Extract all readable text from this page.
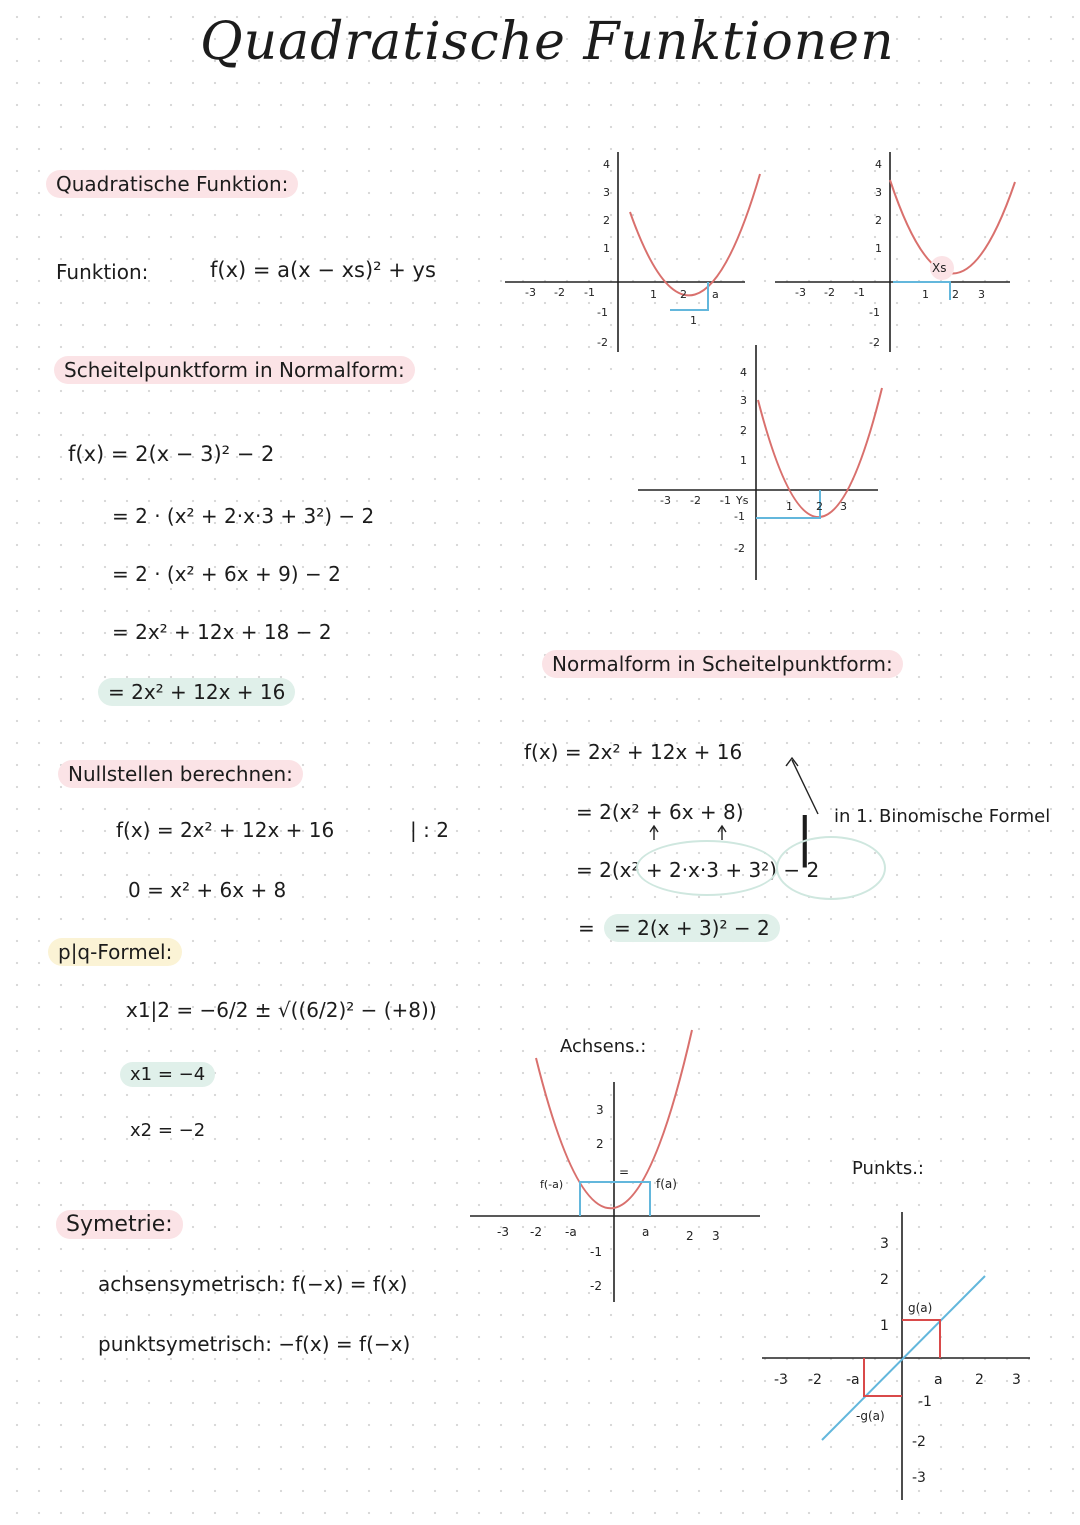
Quadratische Funktionen
Quadratische Funktion:
Funktion:	f(x) = a(x − xs)² + ys
Scheitelpunktform in Normalform:
f(x) = 2(x − 3)² − 2
= 2 · (x² + 2·x·3 + 3²) − 2
= 2 · (x² + 6x + 9) − 2
= 2x² + 12x + 18 − 2
= 2x² + 12x + 16
Nullstellen berechnen:
f(x) = 2x² + 12x + 16	| : 2
0 = x² + 6x + 8
p|q-Formel:
x1|2 = −6/2 ± √((6/2)² − (+8))
x1 = −4
x2 = −2
Symetrie:
achsensymetrisch: f(−x) = f(x)
punktsymetrisch: −f(x) = f(−x)
Normalform in Scheitelpunktform:
f(x) = 2x² + 12x + 16
= 2(x² + 6x + 8) | in 1. Binomische Formel
= 2(x² + 2·x·3 + 3²) − 2
= = 2(x + 3)² − 2
-3 -2 -1	1 2
4
3
2
1
-1
-2
a
1
-3 -2 -1	1 2 3
4
3
2
1
-1
-2
Xs
-3 -2 -1	1 2 3
4
3
2
1
-1
-2
Ys
Achsens.:
-3 -2 -a	a	2 3
3
2
-1
-2
f(-a)	f(a)
=	Punkts.:
-3 -2 -a	a 2 3
3
2
1
-1
-2
-3
g(a)
-g(a)
